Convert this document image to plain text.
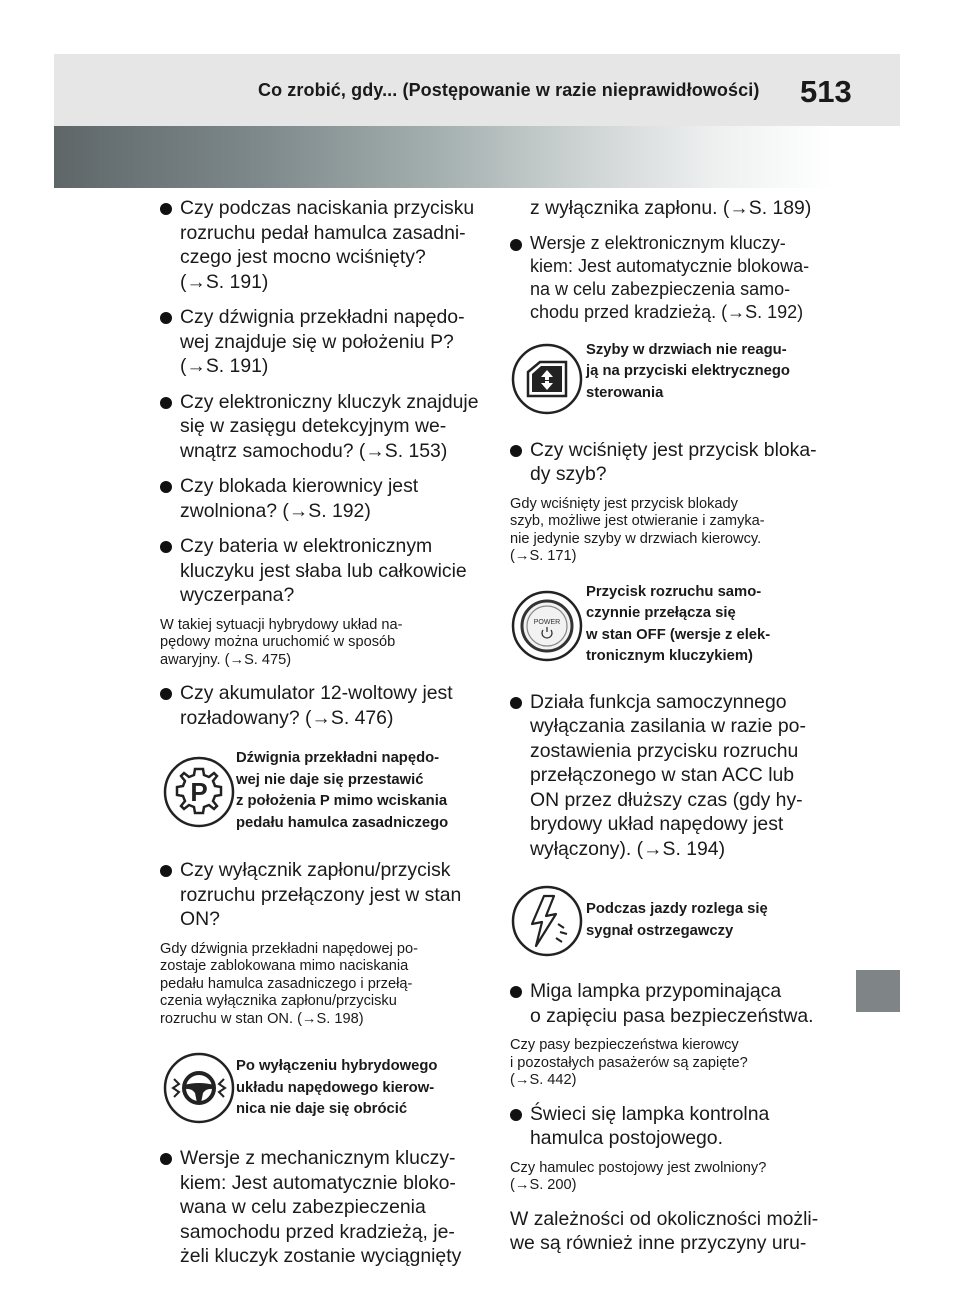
Co zrobić, gdy... (Postępowanie w razie nieprawidłowości) 513
Czy podczas naciskania przycisku
rozruchu pedał hamulca zasadni-
czego jest mocno wciśnięty?
(→S. 191)
Czy dźwignia przekładni napędo-
wej znajduje się w położeniu P?
(→S. 191)
Czy elektroniczny kluczyk znajduje
się w zasięgu detekcyjnym we-
wnątrz samochodu? (→S. 153)
Czy blokada kierownicy jest
zwolniona? (→S. 192)
Czy bateria w elektronicznym
kluczyku jest słaba lub całkowicie
wyczerpana?
W takiej sytuacji hybrydowy układ na-
pędowy można uruchomić w sposób
awaryjny. (→S. 475)
Czy akumulator 12-woltowy jest
rozładowany? (→S. 476)
P
Dźwignia przekładni napędo-
wej nie daje się przestawić
z położenia P mimo wciskania
pedału hamulca zasadniczego
Czy wyłącznik zapłonu/przycisk
rozruchu przełączony jest w stan
ON?
Gdy dźwignia przekładni napędowej po-
zostaje zablokowana mimo naciskania
pedału hamulca zasadniczego i przełą-
czenia wyłącznika zapłonu/przycisku
rozruchu w stan ON. (→S. 198)
Po wyłączeniu hybrydowego
układu napędowego kierow-
nica nie daje się obrócić
Wersje z mechanicznym kluczy-
kiem: Jest automatycznie bloko-
wana w celu zabezpieczenia
samochodu przed kradzieżą, je-
żeli kluczyk zostanie wyciągnięty
z wyłącznika zapłonu. (→S. 189)
Wersje z elektronicznym kluczy-
kiem: Jest automatycznie blokowa-
na w celu zabezpieczenia samo-
chodu przed kradzieżą. (→S. 192)
Szyby w drzwiach nie reagu-
ją na przyciski elektrycznego
sterowania
Czy wciśnięty jest przycisk bloka-
dy szyb?
Gdy wciśnięty jest przycisk blokady
szyb, możliwe jest otwieranie i zamyka-
nie jedynie szyby w drzwiach kierowcy.
(→S. 171)
POWER
Przycisk rozruchu samo-
czynnie przełącza się
w stan OFF (wersje z elek-
tronicznym kluczykiem)
Działa funkcja samoczynnego
wyłączania zasilania w razie po-
zostawienia przycisku rozruchu
przełączonego w stan ACC lub
ON przez dłuższy czas (gdy hy-
brydowy układ napędowy jest
wyłączony). (→S. 194)
Podczas jazdy rozlega się
sygnał ostrzegawczy
Miga lampka przypominająca
o zapięciu pasa bezpieczeństwa.
Czy pasy bezpieczeństwa kierowcy
i pozostałych pasażerów są zapięte?
(→S. 442)
Świeci się lampka kontrolna
hamulca postojowego.
Czy hamulec postojowy jest zwolniony?
(→S. 200)
W zależności od okoliczności możli-
we są również inne przyczyny uru-
